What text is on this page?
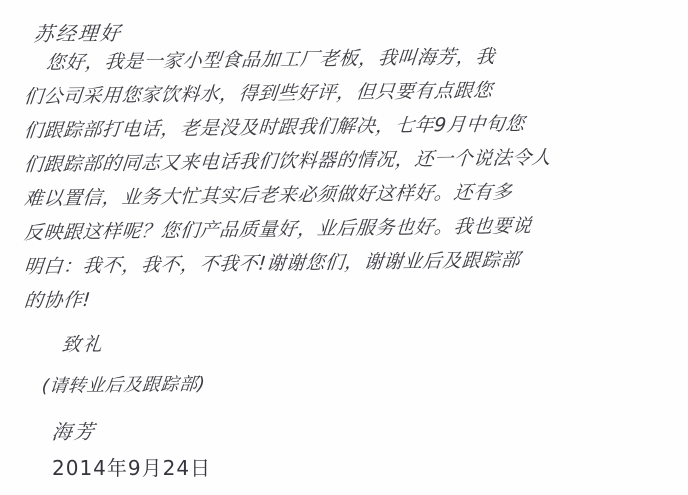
苏经理好
您好，我是一家小型食品加工厂老板，我叫海芳，我
们公司采用您家饮料水，得到些好评，但只要有点跟您
们跟踪部打电话，老是没及时跟我们解决，七年9月中旬您
们跟踪部的同志又来电话我们饮料器的情况，还一个说法令人
难以置信，业务大忙其实后老来必须做好这样好。还有多
反映跟这样呢？您们产品质量好，业后服务也好。我也要说
明白：我不，我不，不我不!谢谢您们，谢谢业后及跟踪部
的协作!
致礼
(请转业后及跟踪部)
海芳
2014年9月24日
